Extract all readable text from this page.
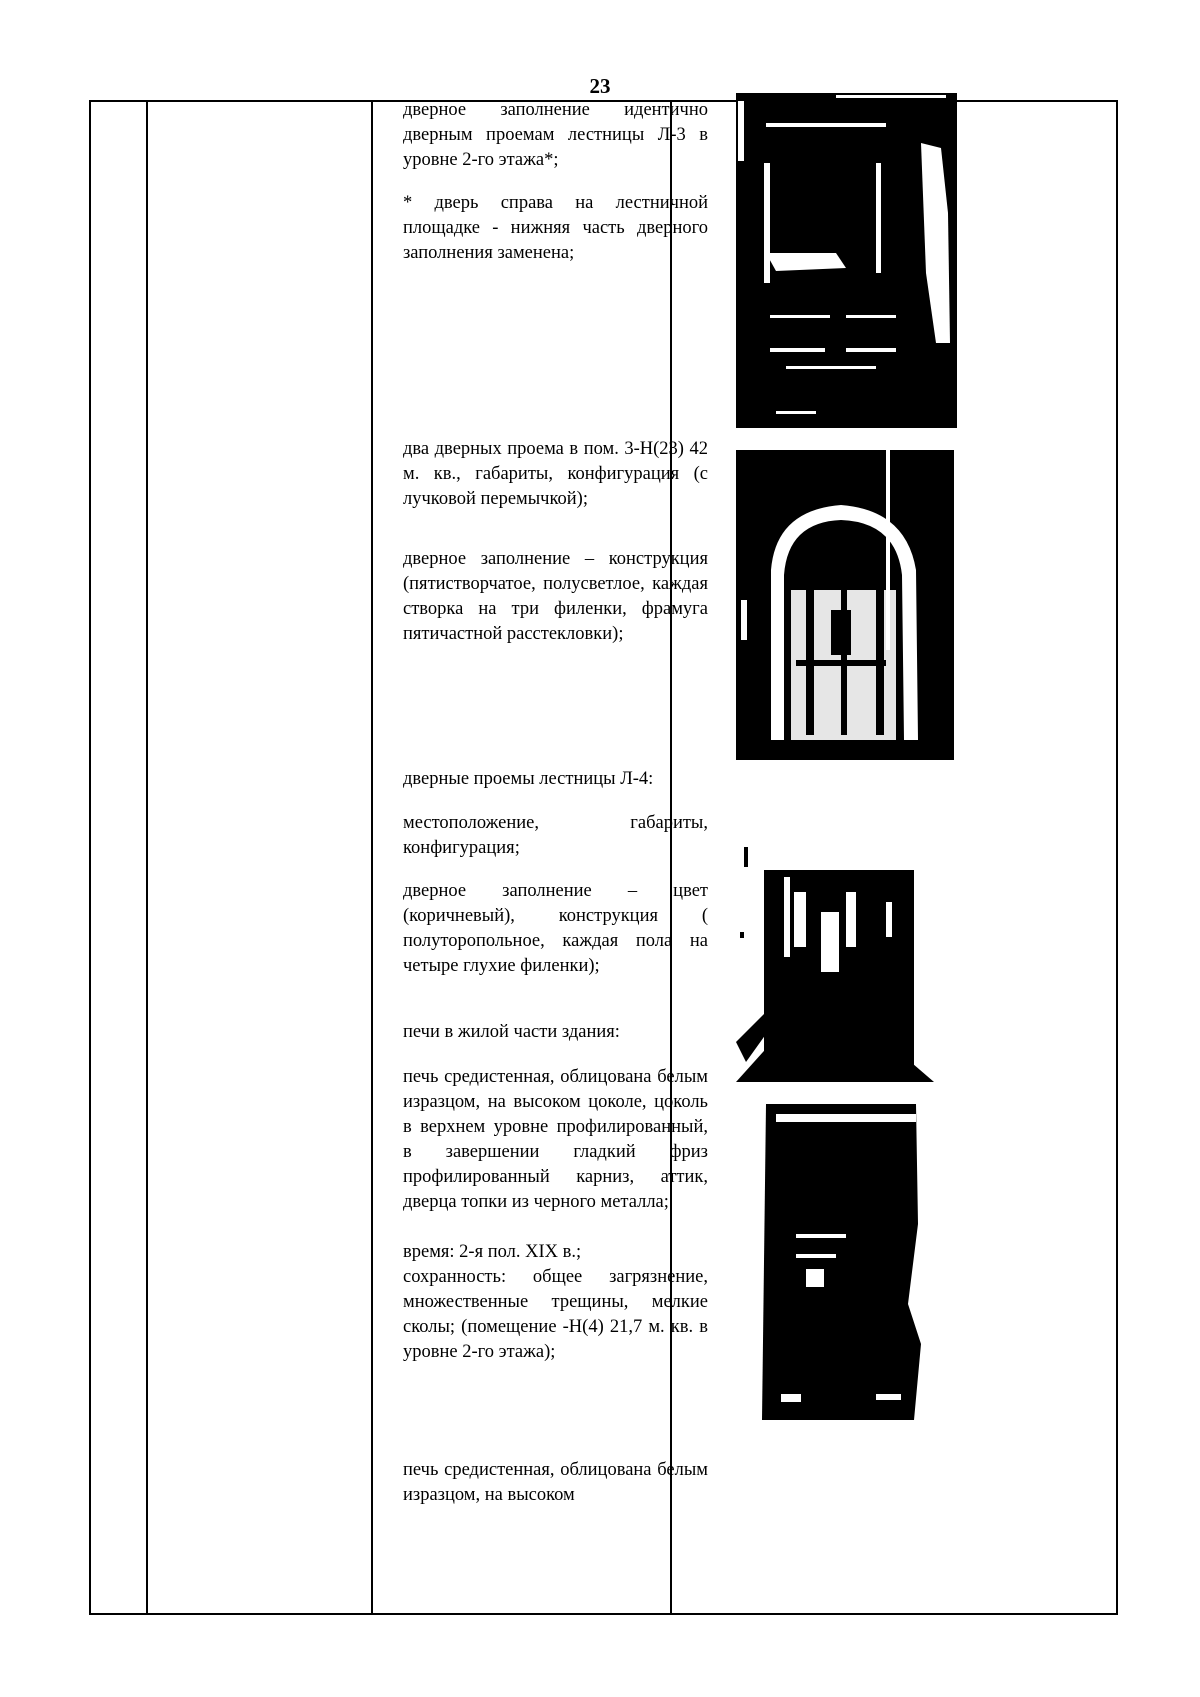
23

дверное заполнение идентично дверным проемам лестницы Л-3 в уровне 2-го этажа*;

* дверь справа на лестничной площадке - нижняя часть дверного заполнения заменена;

два дверных проема в пом. 3-Н(23) 42 м. кв., габариты, конфигурация (с лучковой перемычкой);

дверное заполнение – конструкция (пятистворчатое, полусветлое, каждая створка на три филенки, фрамуга пятичастной расстекловки);

дверные проемы лестницы Л-4:

местоположение, габариты, конфигурация;

дверное заполнение – цвет (коричневый), конструкция ( полуторопольное, каждая пола на четыре глухие филенки);

печи в жилой части здания:

печь средистенная, облицована белым изразцом, на высоком цоколе, цоколь в верхнем уровне профилированный, в завершении гладкий фриз профилированный карниз, аттик, дверца топки из черного металла;

время: 2-я пол. XIX в.;

сохранность: общее загрязнение, множественные трещины, мелкие сколы; (помещение -Н(4) 21,7 м. кв. в уровне 2-го этажа);

печь средистенная, облицована белым изразцом, на высоком
